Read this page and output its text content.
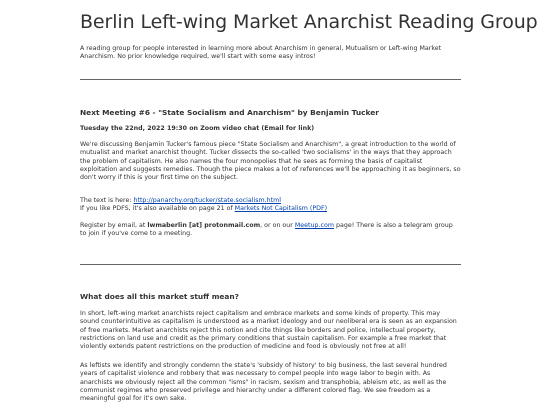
Berlin Left-wing Market Anarchist Reading Group

A reading group for people interested in learning more about Anarchism in general, Mutualism or Left-wing Market Anarchism. No prior knowledge required, we'll start with some easy intros!

Next Meeting #6 - "State Socialism and Anarchism" by Benjamin Tucker
Tuesday the 22nd, 2022 19:30 on Zoom video chat (Email for link)

We're discussing Benjamin Tucker's famous piece "State Socialism and Anarchism", a great introduction to the world of mutualist and market anarchist thought. Tucker dissects the so-called 'two socialisms' in the ways that they approach the problem of capitalism. He also names the four monopolies that he sees as forming the basis of capitalist exploitation and suggests remedies. Though the piece makes a lot of references we'll be approaching it as beginners, so don't worry if this is your first time on the subject.

The text is here: http://panarchy.org/tucker/state.socialism.html
If you like PDFS, it's also available on page 21 of Markets Not Capitalism (PDF)
Register by email, at lwmaberlin [at] protonmail.com, or on our Meetup.com page! There is also a telegram group to join if you've come to a meeting.
What does all this market stuff mean?

In short, left-wing market anarchists reject capitalism and embrace markets and some kinds of property. This may sound counterintuitive as capitalism is understood as a market ideology and our neoliberal era is seen as an expansion of free markets. Market anarchists reject this notion and cite things like borders and police, intellectual property, restrictions on land use and credit as the primary conditions that sustain capitalism. For example a free market that violently extends patent restrictions on the production of medicine and food is obviously not free at all!

As leftists we identify and strongly condemn the state's 'subsidy of history' to big business, the last several hundred years of capitalist violence and robbery that was necessary to compel people into wage labor to begin with. As anarchists we obviously reject all the common "isms" in racism, sexism and transphobia, ableism etc, as well as the communist regimes who preserved privilege and hierarchy under a different colored flag. We see freedom as a meaningful goal for it's own sake.
